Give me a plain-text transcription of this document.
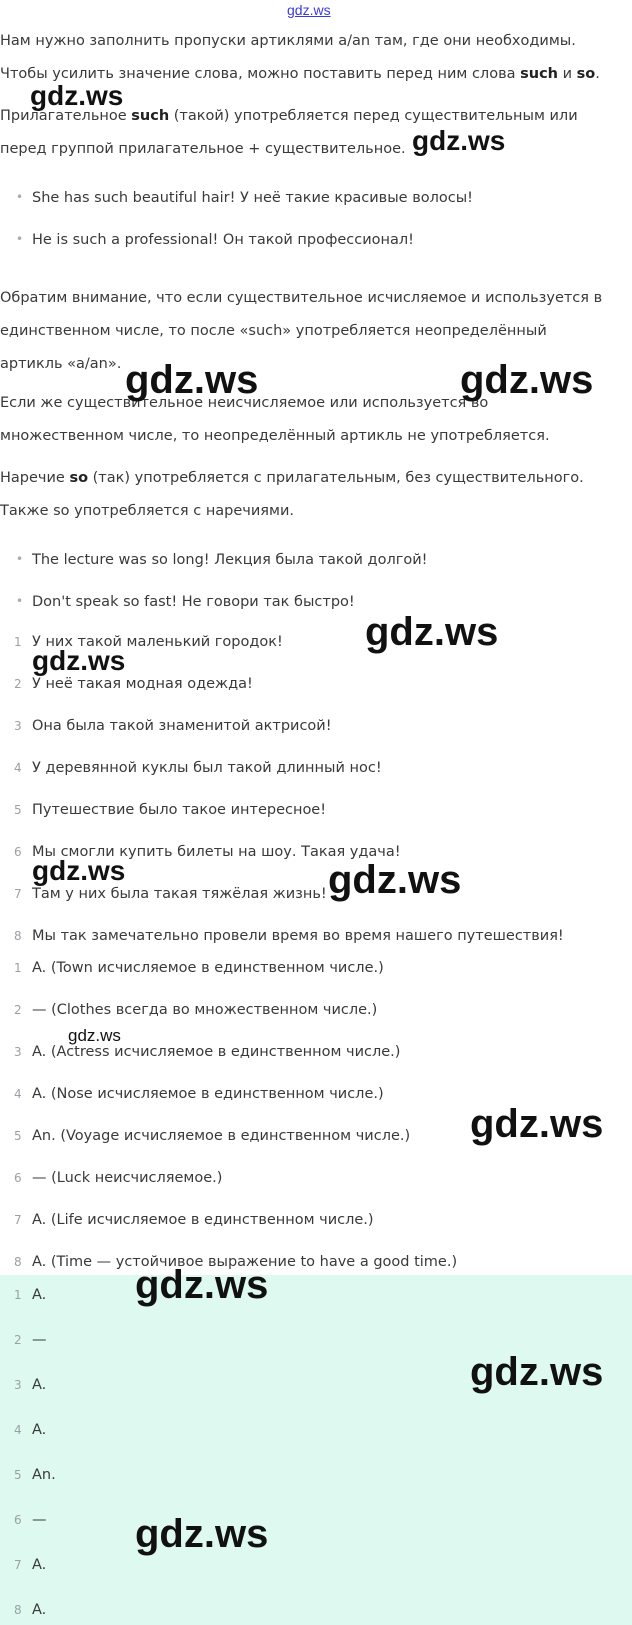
gdz.ws
Нам нужно заполнить пропуски артиклями a/an там, где они необходимы.
Чтобы усилить значение слова, можно поставить перед ним слова such и so.
Прилагательное such (такой) употребляется перед существительным или
перед группой прилагательное + существительное.
• She has such beautiful hair! У неё такие красивые волосы!
• He is such a professional! Он такой профессионал!
Обратим внимание, что если существительное исчисляемое и используется в
единственном числе, то после «such» употребляется неопределённый
артикль «a/an».
Если же существительное неисчисляемое или используется во
множественном числе, то неопределённый артикль не употребляется.
Наречие so (так) употребляется с прилагательным, без существительного.
Также so употребляется с наречиями.
• The lecture was so long! Лекция была такой долгой!
• Don't speak so fast! Не говори так быстро!
1 У них такой маленький городок!
2 У неё такая модная одежда!
3 Она была такой знаменитой актрисой!
4 У деревянной куклы был такой длинный нос!
5 Путешествие было такое интересное!
6 Мы смогли купить билеты на шоу. Такая удача!
7 Там у них была такая тяжёлая жизнь!
8 Мы так замечательно провели время во время нашего путешествия!
1 A. (Town исчисляемое в единственном числе.)
2 — (Clothes всегда во множественном числе.)
3 A. (Actress исчисляемое в единственном числе.)
4 A. (Nose исчисляемое в единственном числе.)
5 An. (Voyage исчисляемое в единственном числе.)
6 — (Luck неисчисляемое.)
7 A. (Life исчисляемое в единственном числе.)
8 A. (Time — устойчивое выражение to have a good time.)
1 A.
2 —
3 A.
4 A.
5 An.
6 —
7 A.
8 A.
gdz.ws
gdz.ws
gdz.ws	gdz.ws
gdz.ws
gdz.ws
gdz.ws	gdz.ws
gdz.ws
gdz.ws
gdz.ws
gdz.ws
gdz.ws
